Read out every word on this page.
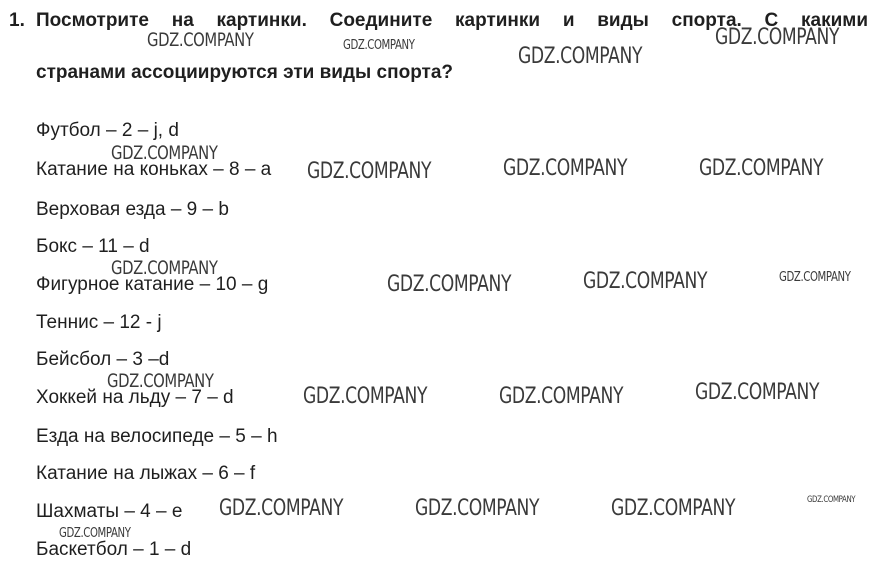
1. Посмотрите на картинки. Соедините картинки и виды спорта. С какими
странами ассоциируются эти виды спорта?
Футбол – 2 – j, d
Катание на коньках – 8 – a
Верховая езда – 9 – b
Бокс – 11 – d
Фигурное катание – 10 – g
Теннис – 12 - j
Бейсбол – 3 –d
Хоккей на льду – 7 – d
Езда на велосипеде – 5 – h
Катание на лыжах – 6 – f
Шахматы – 4 – e
Баскетбол – 1 – d
GDZ.COMPANY	GDZ.COMPANY	GDZ.COMPANY
GDZ.COMPANY
GDZ.COMPANY
GDZ.COMPANY	GDZ.COMPANY	GDZ.COMPANY
GDZ.COMPANY
GDZ.COMPANY	GDZ.COMPANY	GDZ.COMPANY
GDZ.COMPANY
GDZ.COMPANY	GDZ.COMPANY	GDZ.COMPANY
GDZ.COMPANY	GDZ.COMPANY	GDZ.COMPANY	GDZ.COMPANY
GDZ.COMPANY
